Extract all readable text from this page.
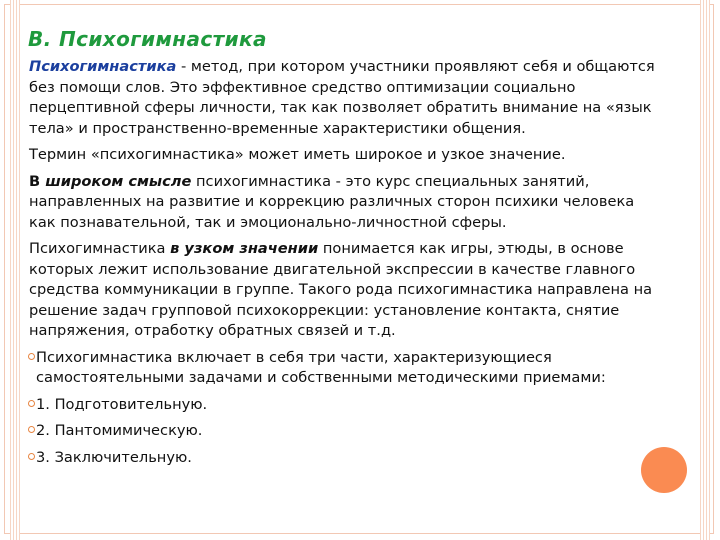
В. Психогимнастика

Психогимнастика - метод, при котором участники проявляют себя и общаются без помощи слов. Это эффективное средство оптимизации социально перцептивной сферы личности, так как позволяет обратить внимание на «язык тела» и пространственно-временные характеристики общения.

Термин «психогимнастика» может иметь широкое и узкое значение.

В широком смысле психогимнастика - это курс специальных занятий, направленных на развитие и коррекцию различных сторон психики человека как познавательной, так и эмоционально-личностной сферы.

Психогимнастика в узком значении понимается как игры, этюды, в основе которых лежит использование двигательной экспрессии в качестве главного средства коммуникации в группе. Такого рода психогимнастика направлена на решение задач групповой психокоррекции: установление контакта, снятие напряжения, отработку обратных связей и т.д.

Психогимнастика включает в себя три части, характеризующиеся самостоятельными задачами и собственными методическими приемами:

1. Подготовительную.

2. Пантомимическую.

3. Заключительную.
